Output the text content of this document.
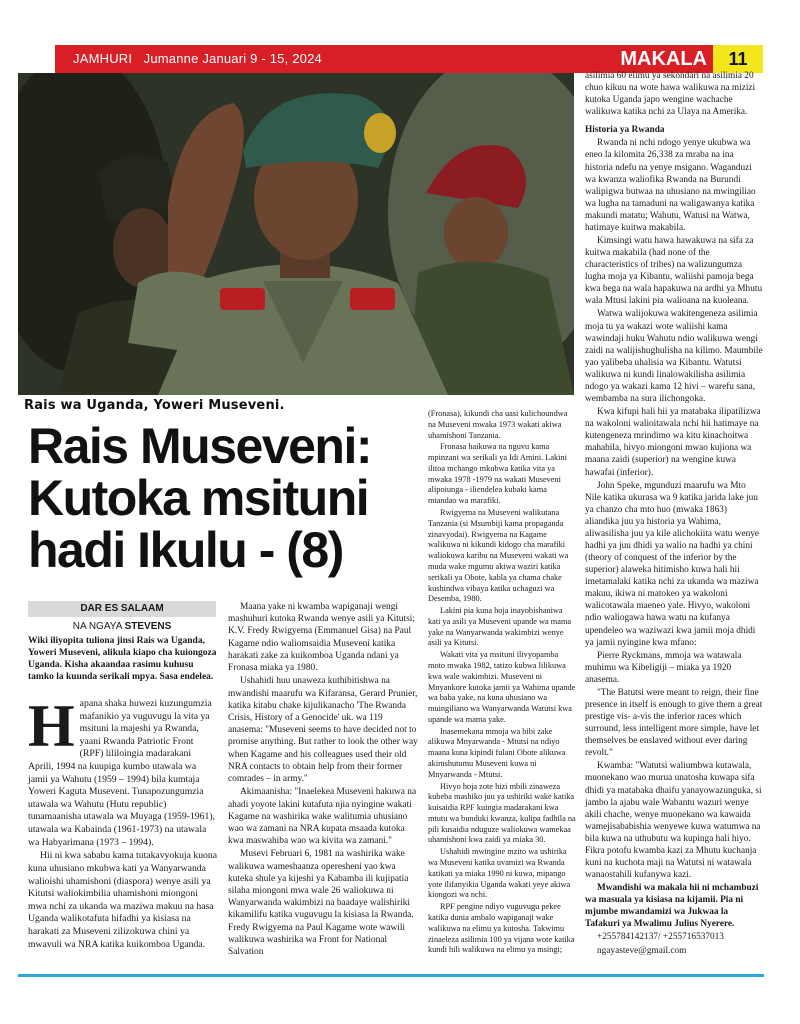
JAMHURI Jumanne Januari 9 - 15, 2024	MAKALA	11
Rais wa Uganda, Yoweri Museveni.
Rais Museveni:
Kutoka msituni
hadi Ikulu - (8)
DAR ES SALAAM
NA NGAYA STEVENS
Wiki iliyopita tuliona jinsi Rais wa Uganda, Yoweri Museveni, alikula kiapo cha kuiongoza Uganda. Kisha akaandaa rasimu kuhusu tamko la kuunda serikali mpya. Sasa endelea.

Hapana shaka huwezi kuzungumzia mafanikio ya vuguvugu la vita ya msituni la majeshi ya Rwanda, yaani Rwanda Patriotic Front (RPF) lililoingia madarakani Aprili, 1994 na kuupiga kumbo utawala wa jamii ya Wahutu (1959 – 1994) bila kumtaja Yoweri Kaguta Museveni. Tunapozungumzia utawala wa Wahutu (Hutu republic) tunamaanisha utawala wa Muyaga (1959-1961), utawala wa Kabainda (1961-1973) na utawala wa Habyarimana (1973 – 1994).

Hii ni kwa sababu kama tutakavyokuja kuona kuna uhusiano mkubwa kati ya Wanyarwanda walioishi uhamishoni (diaspora) wenye asili ya Kitutsi waliokimbilia uhamishoni miongoni mwa nchi za ukanda wa maziwa makuu na hasa Uganda walikotafuta hifadhi ya kisiasa na harakati za Museveni zilizokuwa chini ya mwavuli wa NRA katika kuikomboa Uganda.

Maana yake ni kwamba wapiganaji wengi mashuhuri kutoka Rwanda wenye asili ya Kitutsi; K.V. Fredy Rwigyema (Emmanuel Gisa) na Paul Kagame ndio waliomsaidia Museveni katika harakati zake za kuikomboa Uganda ndani ya Fronasa miaka ya 1980.

Ushahidi huu unaweza kuthibitishwa na mwandishi maarufu wa Kifaransa, Gerard Prunier, katika kitabu chake kijulikanacho 'The Rwanda Crisis, History of a Genocide' uk. wa 119 anasema: "Museveni seems to have decided not to promise anything. But rather to look the other way when Kagame and his colleagues used their old NRA contacts to obtain help from their former comrades – in army."

Akimaanisha: "Inaelekea Museveni hakuwa na ahadi yoyote lakini kutafuta njia nyingine wakati Kagame na washirika wake walitumia uhusiano wao wa zamani na NRA kupata msaada kutoka kwa maswahiba wao wa kivita wa zamani."

Musevi Februari 6, 1981 na washirika wake walikuwa wameshaanza operesheni yao kwa kuteka shule ya kijeshi ya Kabamba ili kujipatia silaha miongoni mwa wale 26 waliokuwa ni Wanyarwanda wakimbizi na baadaye walishiriki kikamilifu katika vuguvugu la kisiasa la Rwanda. Fredy Rwigyema na Paul Kagame wote wawili walikuwa washirika wa Front for National Salvation

(Fronasa), kikundi cha uasi kulichoundwa na Museveni mwaka 1973 wakati akiwa uhamishoni Tanzania.

Fronasa haikuwa na nguvu kama mpinzani wa serikali ya Idi Amini. Lakini ilitoa mchango mkubwa katika vita ya mwaka 1978 -1979 na wakati Museveni alipoiunga - iliendelea kubaki kama mtandao wa marafiki.

Rwigyema na Museveni walikutana Tanzania (si Msumbiji kama propaganda zinavyodai). Rwigyema na Kagame walikuwa ni kikundi kidogo cha marafiki waliokuwa karibu na Museveni wakati wa muda wake mgumu akiwa waziri katika serikali ya Obote, kabla ya chama chake kushindwa vibaya katika uchaguzi wa Desemba, 1980.

Lakini pia kuna hoja inayobishaniwa kati ya asili ya Museveni upande wa mama yake na Wanyarwanda wakimbizi wenye asili ya Kitutsi.

Wakati vita ya msituni ilivyopamba moto mwaka 1982, tatizo kubwa lilikuwa kwa wale wakimbizi. Museveni ni Mnyankore kutoka jamii ya Wahima upande wa baba yake, na kuna uhusiano wa muingiliano wa Wanyarwanda Watutsi kwa upande wa mama yake.

Inasemekana mmoja wa bibi zake alikuwa Mnyarwanda - Mtutsi na ndiyo maana kuna kipindi fulani Obote alikuwa akimshutumu Museveni kuwa ni Mnyarwanda - Mtutsi.

Hivyo hoja zote hizi mbili zinaweza kubeba mashiko juu ya ushiriki wake katika kuisaidia RPF kuingia madarakani kwa mtutu wa bunduki kwanza, kulipa fadhila na pili kusaidia nduguze waliokuwa wamekaa uhamishoni kwa zaidi ya miaka 30.

Ushahidi mwingine mzito wa ushirika wa Museveni katika uvamizi wa Rwanda katikati ya miaka 1990 ni kuwa, mipango yote ilifanyikia Uganda wakati yeye akiwa kiongozi wa nchi.

RPF pengine ndiyo vuguvugu pekee katika dunia ambalo wapiganaji wake walikuwa na elimu ya kutosha. Takwimu zinaeleza asilimia 100 ya vijana wote katika kundi hili walikuwa na elimu ya msingi;

asilimia 60 elimu ya sekondari na asilimia 20 chuo kikuu na wote hawa walikuwa na mizizi kutoka Uganda japo wengine wachache walikuwa katika nchi za Ulaya na Amerika.

Historia ya Rwanda

Rwanda ni nchi ndogo yenye ukubwa wa eneo la kilomita 26,338 za mraba na ina historia ndefu na yenye msigano. Waganduzi wa kwanza waliofika Rwanda na Burundi walipigwa butwaa na uhusiano na mwingiliao wa lugha na tamaduni na waligawanya katika makundi matatu; Wahutu, Watusi na Watwa, hatimaye kuitwa makabila.

Kimsingi watu hawa hawakuwa na sifa za kuitwa makabila (had none of the characteristics of tribes) na walizungumza lugha moja ya Kibantu, waliishi pamoja bega kwa bega na wala hapakuwa na ardhi ya Mhutu wala Mtusi lakini pia walioana na kuoleana.

Watwa walijokuwa wakitengeneza asilimia moja tu ya wakazi wote waliishi kama wawindaji huku Wahutu ndio walikuwa wengi zaidi na walijishughulisha na kilimo. Maumbile yao yalibeba uhalisia wa Kibantu. Watutsi walikuwa ni kundi linalowakilisha asilimia ndogo ya wakazi kama 12 hivi – warefu sana, wembamba na sura ilichongoka.

Kwa kifupi hali hii ya matabaka ilipatilizwa na wakoloni walioitawala nchi hii hatimaye na kutengeneza mrindimo wa kitu kinachoitwa mahabila, hivyo miongoni mwao kujiona wa maana zaidi (superior) na wengine kuwa hawafai (inferior).

John Speke, mgunduzi maarufu wa Mto Nile katika ukurasa wa 9 katika jarida lake juu ya chanzo cha mto huo (mwaka 1863) aliandika juu ya historia ya Wahima, aliwasilisha juu ya kile alichokiita watu wenye hadhi ya juu dhidi ya walio na hadhi ya chini (theory of conquest of the inferior by the superior) alaweka hitimisho kuwa hali hii imetamalaki katika nchi za ukanda wa maziwa makuu, ikiwa ni matokeo ya wakoloni walicotawala maeneo yale. Hivyo, wakoloni ndio waliogawa hawa watu na kufanya upendeleo wa waziwazi kwa jamii moja dhidi ya jamii nyingine kwa mfano:

Pierre Ryckmans, mmoja wa watawala muhimu wa Kibeligiji – miaka ya 1920 anasema.

"The Batutsi were meant to reign, their fine presence in itself is enough to give them a great prestige vis- a-vis the inferior races which surround, less intelligent more simple, have let themselves be enslaved without ever daring revolt."

Kwamba: "Watutsi waliumbwa kutawala, muonekano wao murua unatosha kuwapa sifa dhidi ya matabaka dhaifu yanayowazunguka, si jambo la ajabu wale Wabantu wazuri wenye akili chache, wenye muonekano wa kawaida wamejisababishia wenyewe kuwa watumwa na bila kuwa na uthubutu wa kupinga hali hiyo. Fikra potofu kwamba kazi za Mhutu kuchanja kuni na kuchota maji na Watutsi ni watawala wanaostahili kufanywa kazi.

Mwandishi wa makala hii ni mchambuzi wa masuala ya kisiasa na kijamii. Pia ni mjumbe mwandamizi wa Jukwaa la Tafakuri ya Mwalimu Julius Nyerere.

+255784142137/ +255716537013

ngayasteve@gmail.com
